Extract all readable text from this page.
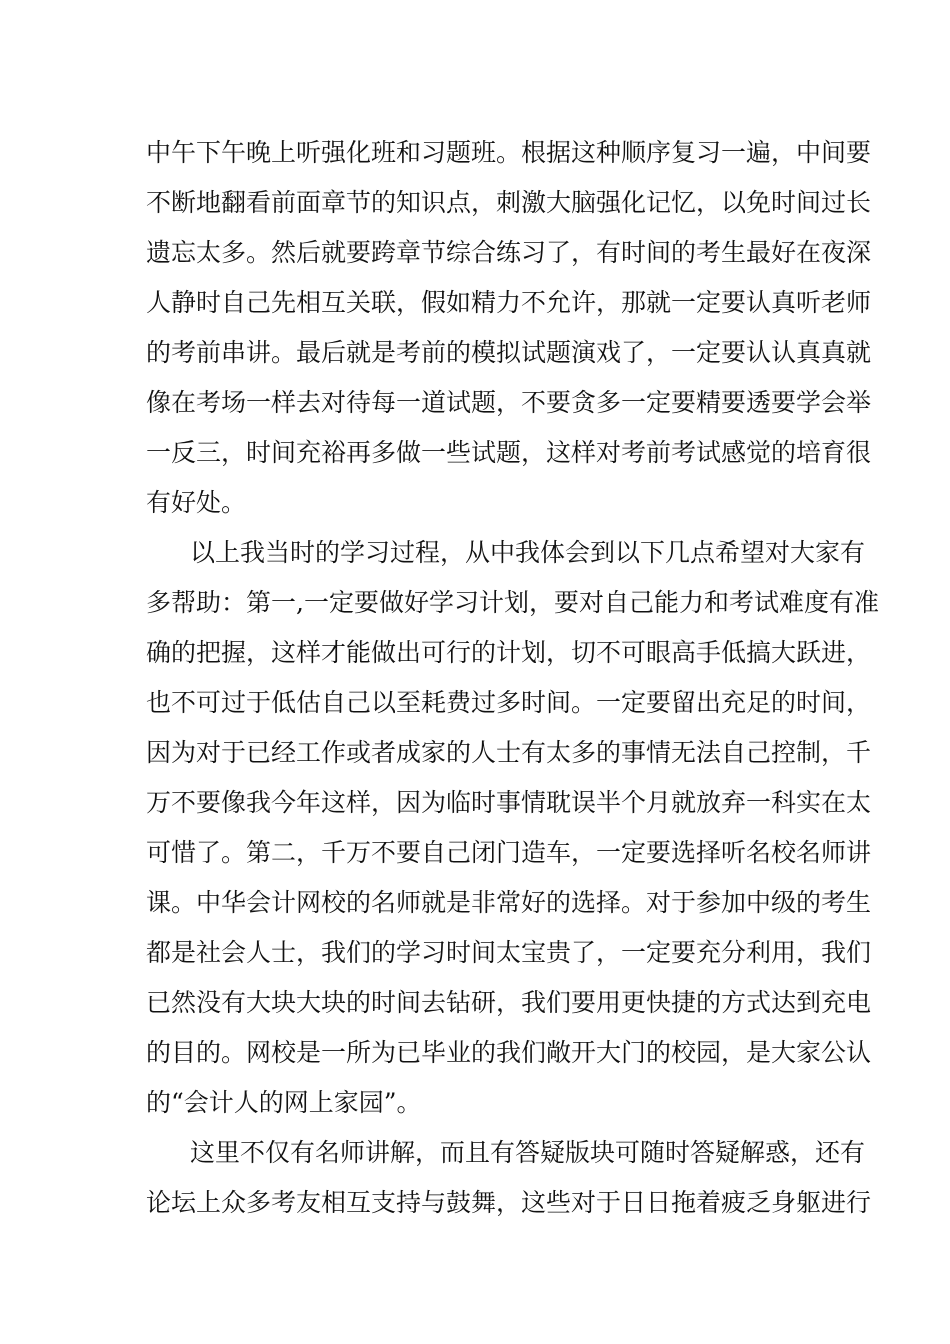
中午下午晚上听强化班和习题班。根据这种顺序复习一遍，中间要
不断地翻看前面章节的知识点，刺激大脑强化记忆，以免时间过长
遗忘太多。然后就要跨章节综合练习了，有时间的考生最好在夜深
人静时自己先相互关联，假如精力不允许，那就一定要认真听老师
的考前串讲。最后就是考前的模拟试题演戏了，一定要认认真真就
像在考场一样去对待每一道试题，不要贪多一定要精要透要学会举
一反三，时间充裕再多做一些试题，这样对考前考试感觉的培育很
有好处。
以上我当时的学习过程，从中我体会到以下几点希望对大家有
多帮助：第一,一定要做好学习计划，要对自己能力和考试难度有准
确的把握，这样才能做出可行的计划，切不可眼高手低搞大跃进，
也不可过于低估自己以至耗费过多时间。一定要留出充足的时间，
因为对于已经工作或者成家的人士有太多的事情无法自己控制，千
万不要像我今年这样，因为临时事情耽误半个月就放弃一科实在太
可惜了。第二，千万不要自己闭门造车，一定要选择听名校名师讲
课。中华会计网校的名师就是非常好的选择。对于参加中级的考生
都是社会人士，我们的学习时间太宝贵了，一定要充分利用，我们
已然没有大块大块的时间去钻研，我们要用更快捷的方式达到充电
的目的。网校是一所为已毕业的我们敞开大门的校园，是大家公认
的“会计人的网上家园”。
这里不仅有名师讲解，而且有答疑版块可随时答疑解惑，还有
论坛上众多考友相互支持与鼓舞，这些对于日日拖着疲乏身躯进行
